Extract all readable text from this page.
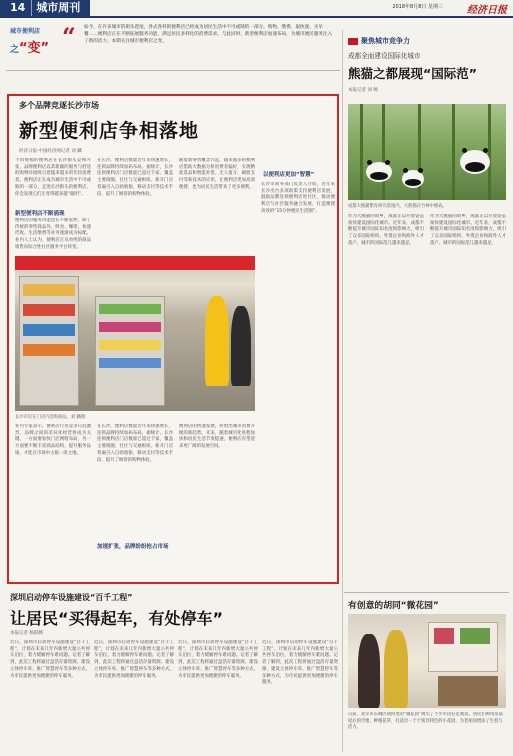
14	城市周刊	2018年8月8日 星期三 经济日报
城市便利店
之“变” “ 如今，在许多城市的街头巷尾，各式各样的便利店已经成为居民生活中不可或缺的一部分。购物、缴费、取快递、买早餐……便利店正在不断拓展服务功能，满足居民多样化的消费需求。与此同时，新型便利店加速布局，为城市便民服务注入了新的活力。本期关注城市便利店之变。
多个品牌竞逐长沙市场
新型便利店争相落地
经济日报·中国经济网记者 刘 麟
不同规模的便利店在长沙街头竞相开张，品牌便利店以其新颖的服务与舒适的购物环境吸引着越来越多的年轻消费者。便利店正在成为城市生活中不可或缺的一部分，走进长沙街头的便利店，你会发现它们正变得越来越“聪明”。
新型便利店不断涌现
便利店的服务功能也在不断延伸。除了传统的零售商品外，鲜食、咖啡、快递代收、生活缴费等业务逐渐成为标配。业内人士认为，便利店正从单纯的商品销售向综合性社区服务平台转变。
在长沙，便利店数量近年来快速增长，连锁品牌持续加码布局。据统计，长沙连锁便利店门店数量已超过千家，覆盖主要商圈、社区与交通枢纽。新开门店普遍引入自助收银、移动支付等技术手段，提升了顾客的购物体验。
随着新零售概念兴起，越来越多的便利店借助大数据分析消费者偏好，实现精准选品和智能补货。无人值守、刷脸支付等新技术的应用，让便利店更加高效便捷，也为居民生活带来了更多便利。
以便利店更加“智慧”
长沙市商务部门负责人介绍，近年来长沙出台多项政策支持便利店发展，鼓励品牌连锁便利店进社区，推动便利店与社区服务融合发展，打造便捷高效的“15分钟便民生活圈”。
长沙市民在门店内选购商品。刘 麟摄
业内专家表示，便利店行业竞争日趋激烈，品牌之间的差异化经营将成为关键。一方面要加快门店网络布局，另一方面要不断丰富商品结构，提升服务品质，才能在市场中占据一席之地。
加速扩张，品牌纷纷抢占市场
在长沙，便利店数量近年来快速增长，连锁品牌持续加码布局。据统计，长沙连锁便利店门店数量已超过千家，覆盖主要商圈、社区与交通枢纽。新开门店普遍引入自助收银、移动支付等技术手段，提升了顾客的购物体验。
便利店的快速发展，折射出城市消费升级的新趋势。未来，随着城市化进程加快和居民生活节奏提速，便利店有望迎来更广阔的发展空间。
深圳启动停车设施建设“百千工程”
让居民“买得起车，有处停车”
本报记者 杨阳腾
近日，深圳市启动停车设施建设“百千工程”，计划在未来几年内新增大量公共停车泊位，着力缓解停车难问题。记者了解到，此次工程将通过盘活存量资源、建设立体停车库、推广智慧停车等多种方式，为市民提供更加便捷的停车服务。
近日，深圳市启动停车设施建设“百千工程”，计划在未来几年内新增大量公共停车泊位，着力缓解停车难问题。记者了解到，此次工程将通过盘活存量资源、建设立体停车库、推广智慧停车等多种方式，为市民提供更加便捷的停车服务。
近日，深圳市启动停车设施建设“百千工程”，计划在未来几年内新增大量公共停车泊位，着力缓解停车难问题。记者了解到，此次工程将通过盘活存量资源、建设立体停车库、推广智慧停车等多种方式，为市民提供更加便捷的停车服务。
近日，深圳市启动停车设施建设“百千工程”，计划在未来几年内新增大量公共停车泊位，着力缓解停车难问题。记者了解到，此次工程将通过盘活存量资源、建设立体停车库、推广智慧停车等多种方式，为市民提供更加便捷的停车服务。
聚焦城市竞争力
成都全面建设国际化城市
熊猫之都展现“国际范”
本报记者 刘 畅
成都大熊猫繁育研究基地内，大熊猫在竹林中嬉戏。
作为大熊猫的故乡，成都正以开放姿态加快建设国际化城市。近年来，成都不断提升城市国际知名度和影响力，吸引了众多国际组织、外资企业和海外人才落户，城市的国际范儿越来越足。
作为大熊猫的故乡，成都正以开放姿态加快建设国际化城市。近年来，成都不断提升城市国际知名度和影响力，吸引了众多国际组织、外资企业和海外人才落户，城市的国际范儿越来越足。
有创意的胡同“微花园”
日前，北京市东城区胡同里的“微花园”吸引了不少市民驻足观赏。居民们利用房前屋后的空地，种植花草，打造出一个个别具特色的小花园，为老胡同增添了生机与活力。
